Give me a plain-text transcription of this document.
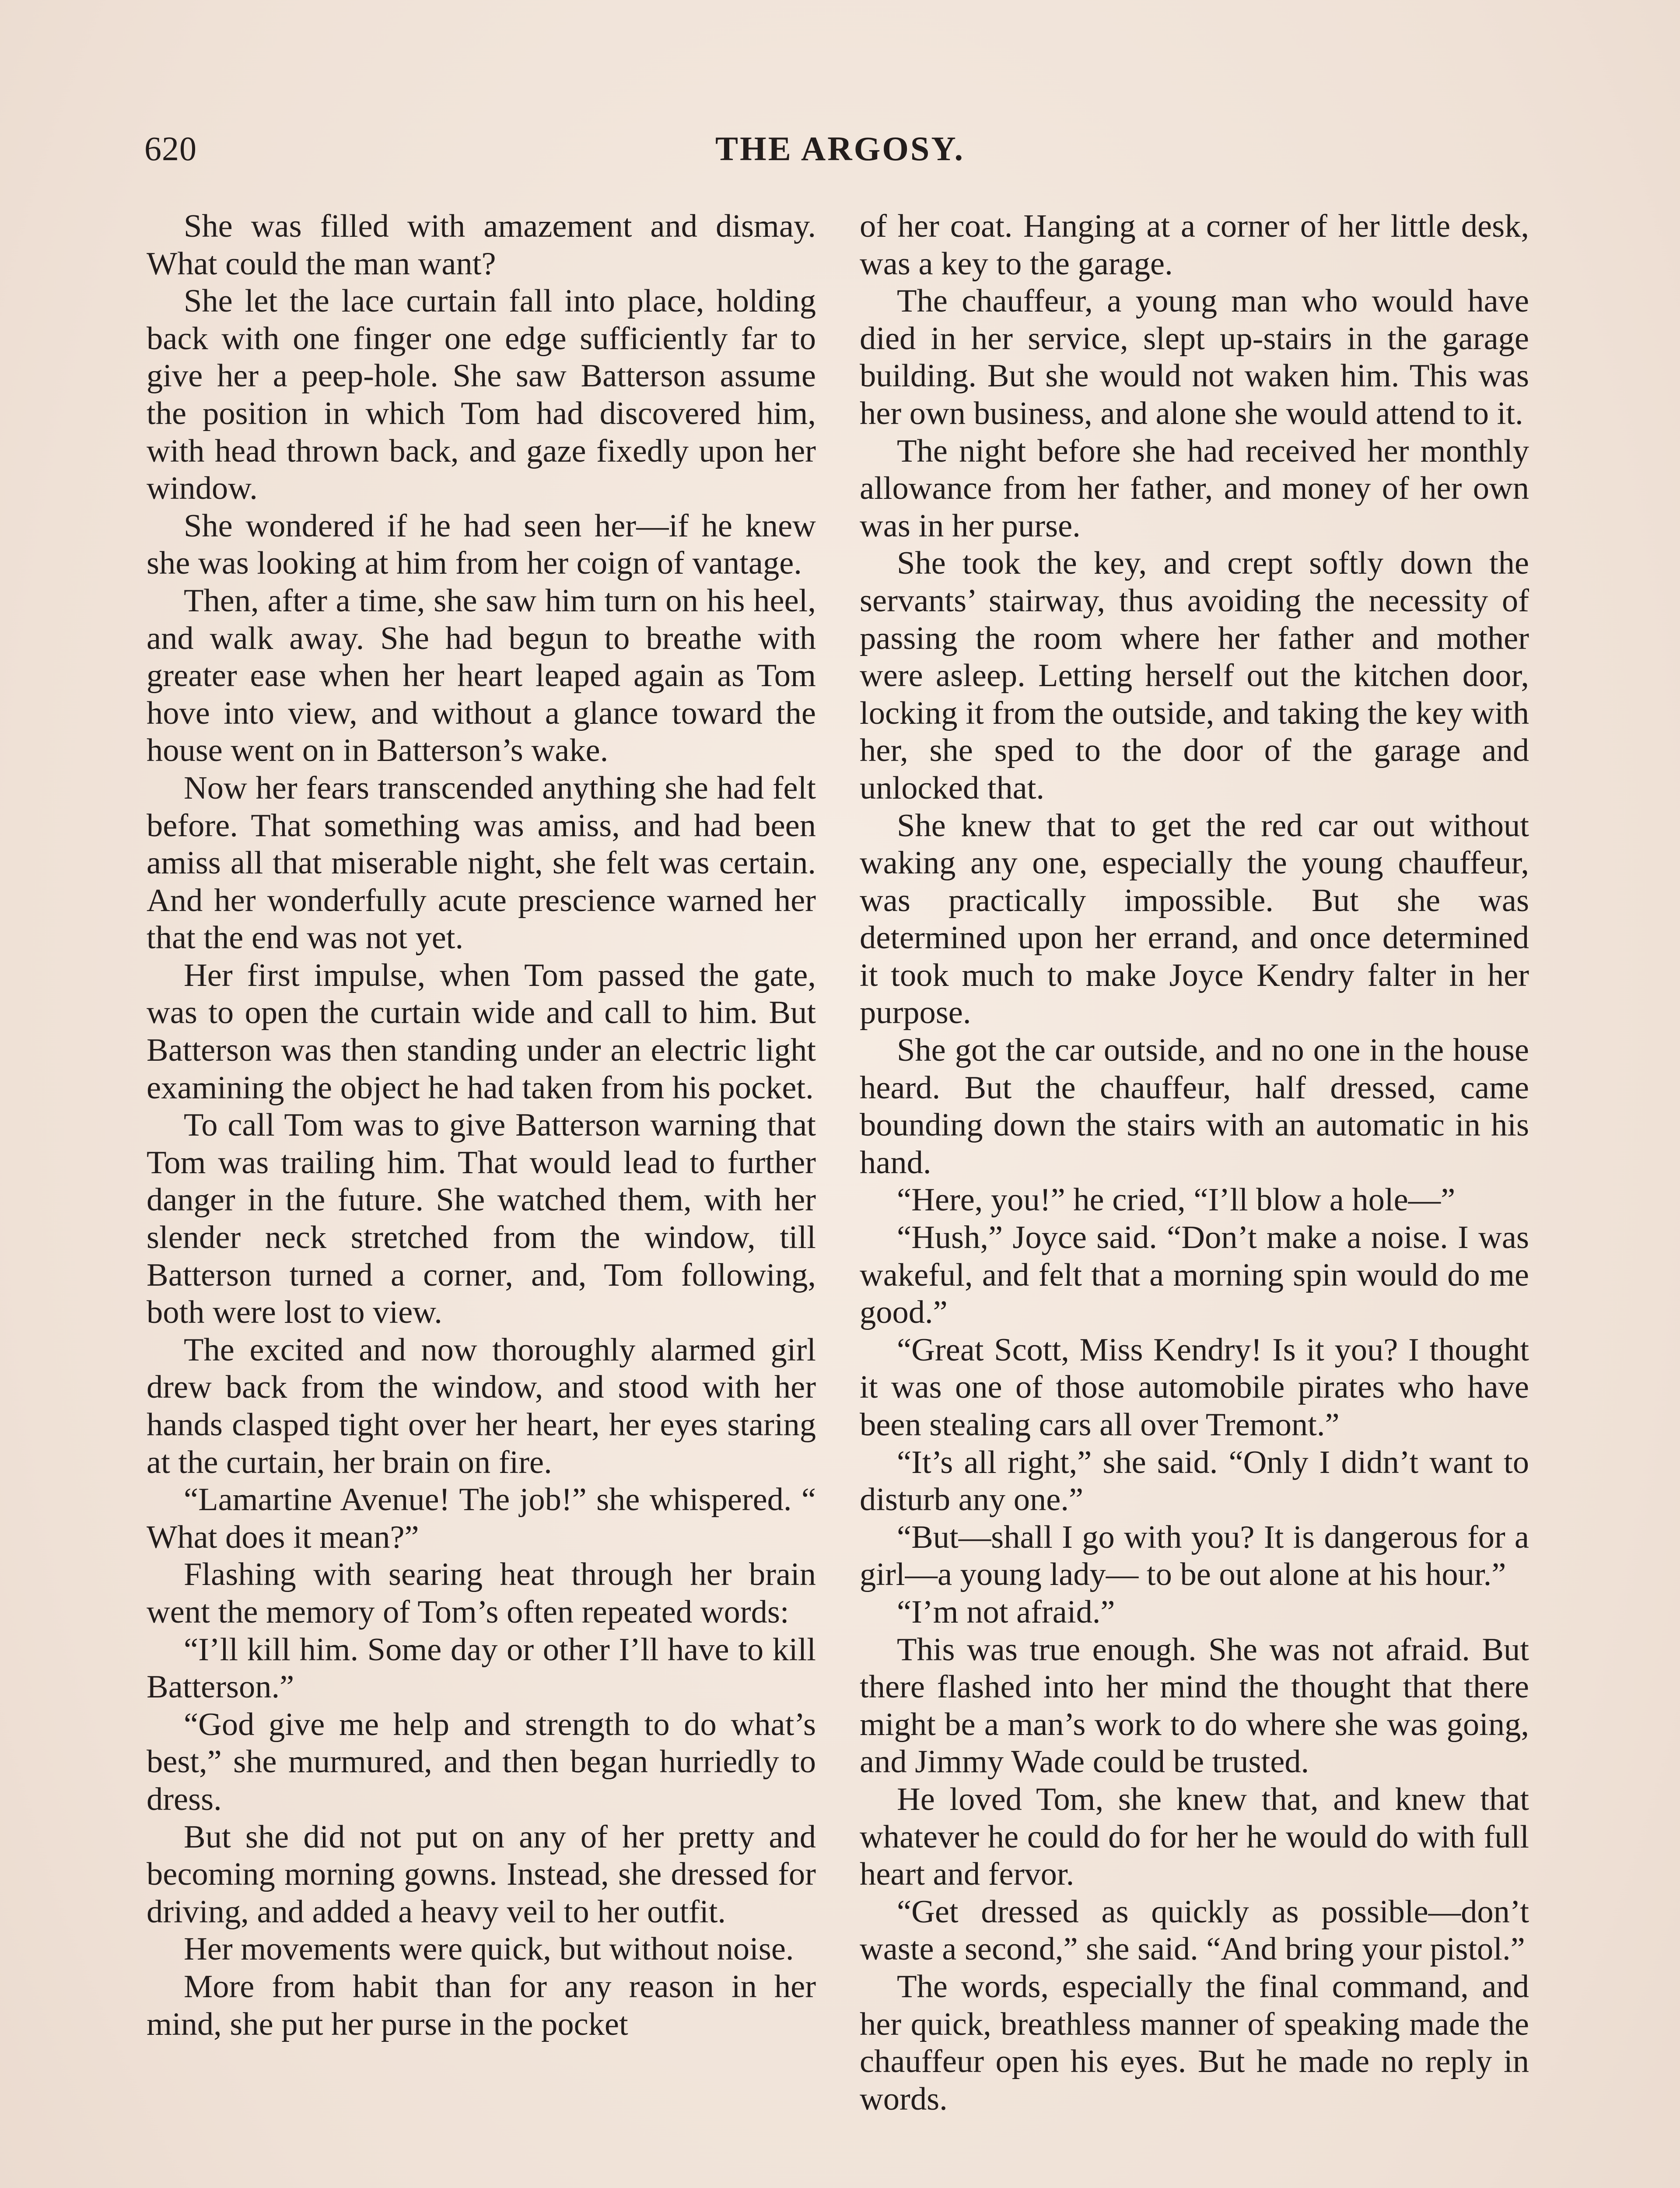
620	THE ARGOSY.

She was filled with amazement and dismay. What could the man want?

She let the lace curtain fall into place, holding back with one finger one edge sufficiently far to give her a peep-hole. She saw Batterson assume the position in which Tom had discovered him, with head thrown back, and gaze fixedly upon her window.

She wondered if he had seen her—if he knew she was looking at him from her coign of vantage.

Then, after a time, she saw him turn on his heel, and walk away. She had begun to breathe with greater ease when her heart leaped again as Tom hove into view, and without a glance toward the house went on in Batterson’s wake.

Now her fears transcended anything she had felt before. That something was amiss, and had been amiss all that miserable night, she felt was certain. And her wonderfully acute prescience warned her that the end was not yet.

Her first impulse, when Tom passed the gate, was to open the curtain wide and call to him. But Batterson was then standing under an electric light examining the object he had taken from his pocket.

To call Tom was to give Batterson warning that Tom was trailing him. That would lead to further danger in the future. She watched them, with her slender neck stretched from the window, till Batterson turned a corner, and, Tom following, both were lost to view.

The excited and now thoroughly alarmed girl drew back from the window, and stood with her hands clasped tight over her heart, her eyes staring at the curtain, her brain on fire.

“Lamartine Avenue! The job!” she whispered. “ What does it mean?”

Flashing with searing heat through her brain went the memory of Tom’s often repeated words:

“I’ll kill him. Some day or other I’ll have to kill Batterson.”

“God give me help and strength to do what’s best,” she murmured, and then began hurriedly to dress.

But she did not put on any of her pretty and becoming morning gowns. Instead, she dressed for driving, and added a heavy veil to her outfit.

Her movements were quick, but without noise.

More from habit than for any reason in her mind, she put her purse in the pocket

of her coat. Hanging at a corner of her little desk, was a key to the garage.

The chauffeur, a young man who would have died in her service, slept up-stairs in the garage building. But she would not waken him. This was her own business, and alone she would attend to it.

The night before she had received her monthly allowance from her father, and money of her own was in her purse.

She took the key, and crept softly down the servants’ stairway, thus avoiding the necessity of passing the room where her father and mother were asleep. Letting herself out the kitchen door, locking it from the outside, and taking the key with her, she sped to the door of the garage and unlocked that.

She knew that to get the red car out without waking any one, especially the young chauffeur, was practically impossible. But she was determined upon her errand, and once determined it took much to make Joyce Kendry falter in her purpose.

She got the car outside, and no one in the house heard. But the chauffeur, half dressed, came bounding down the stairs with an automatic in his hand.

“Here, you!” he cried, “I’ll blow a hole—”

“Hush,” Joyce said. “Don’t make a noise. I was wakeful, and felt that a morning spin would do me good.”

“Great Scott, Miss Kendry! Is it you? I thought it was one of those automobile pirates who have been stealing cars all over Tremont.”

“It’s all right,” she said. “Only I didn’t want to disturb any one.”

“But—shall I go with you? It is dangerous for a girl—a young lady— to be out alone at his hour.”

“I’m not afraid.”

This was true enough. She was not afraid. But there flashed into her mind the thought that there might be a man’s work to do where she was going, and Jimmy Wade could be trusted.

He loved Tom, she knew that, and knew that whatever he could do for her he would do with full heart and fervor.

“Get dressed as quickly as possible—don’t waste a second,” she said. “And bring your pistol.”

The words, especially the final command, and her quick, breathless manner of speaking made the chauffeur open his eyes. But he made no reply in words.
